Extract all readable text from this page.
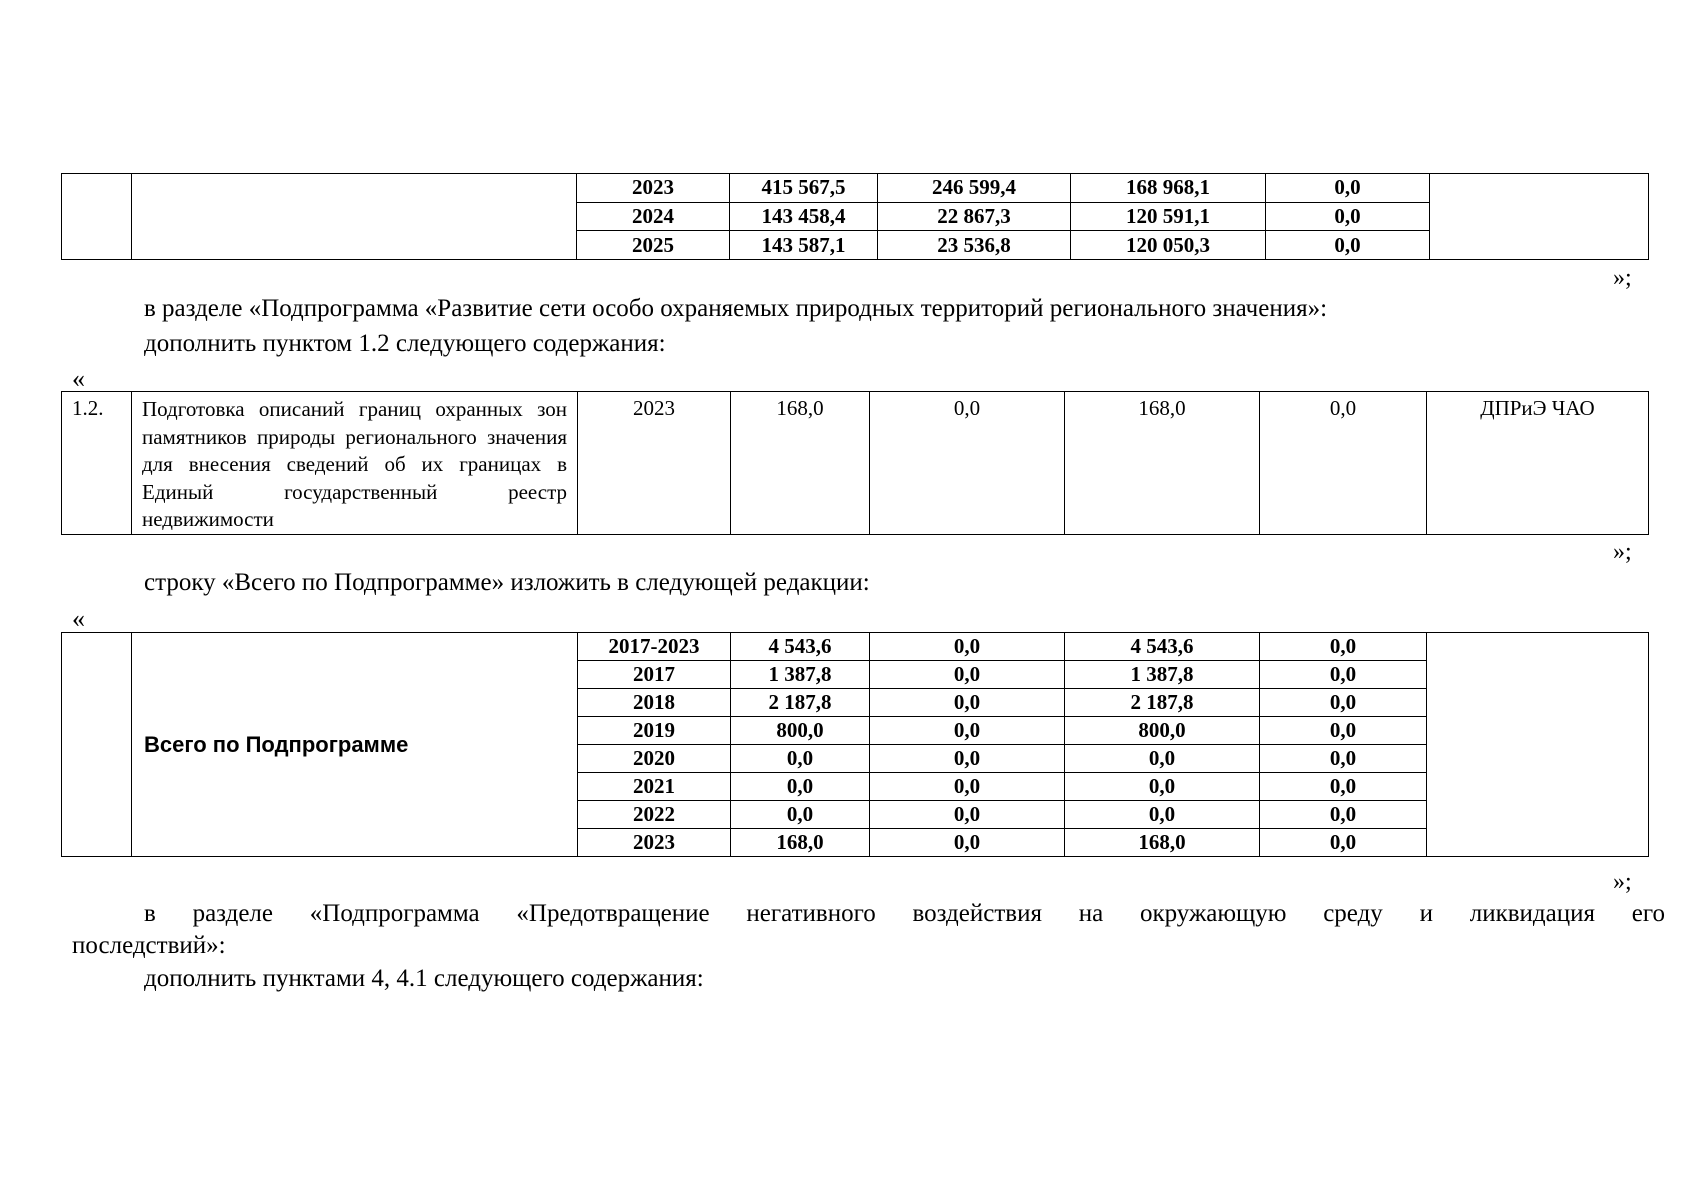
		2023	415 567,5	246 599,4	168 968,1	0,0	
		2024	143 458,4	22 867,3	120 591,1	0,0	
		2025	143 587,1	23 536,8	120 050,3	0,0	
»;
в разделе «Подпрограмма «Развитие сети особо охраняемых природных территорий регионального значения»:
дополнить пунктом 1.2 следующего содержания:
«
1.2.	Подготовка описаний границ охранных зон памятников природы регионального значения для внесения сведений об их границах в Единый государственный реестр недвижимости	2023	168,0	0,0	168,0	0,0	ДПРиЭ ЧАО
»;
строку «Всего по Подпрограмме» изложить в следующей редакции:
«
	Всего по Подпрограмме	2017-2023	4 543,6	0,0	4 543,6	0,0	
		2017	1 387,8	0,0	1 387,8	0,0	
		2018	2 187,8	0,0	2 187,8	0,0	
		2019	800,0	0,0	800,0	0,0	
		2020	0,0	0,0	0,0	0,0	
		2021	0,0	0,0	0,0	0,0	
		2022	0,0	0,0	0,0	0,0	
		2023	168,0	0,0	168,0	0,0	
»;
в разделе «Подпрограмма «Предотвращение негативного воздействия на окружающую среду и ликвидация его
последствий»:
дополнить пунктами 4, 4.1 следующего содержания:
